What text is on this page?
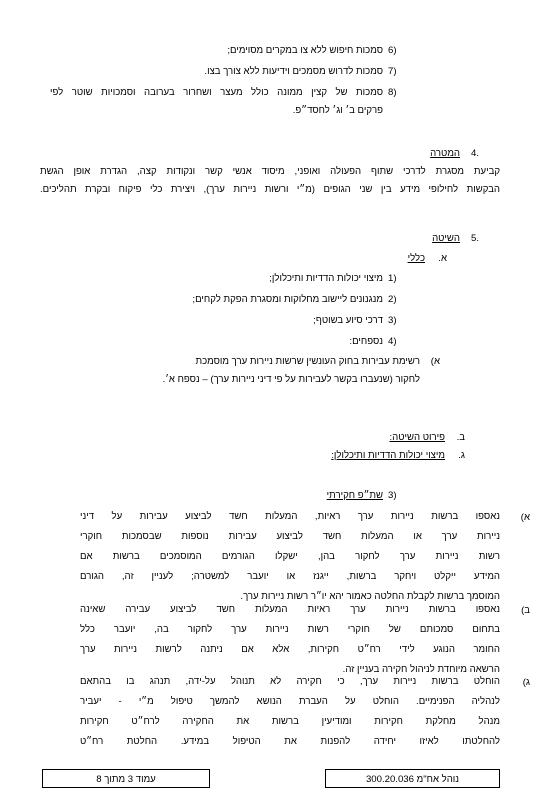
6)
סמכות חיפוש ללא צו במקרים מסוימים;
7)
סמכות לדרוש מסמכים וידיעות ללא צורך בצו.
8)
סמכות של קצין ממונה כולל מעצר ושחרור בערובה וסמכויות שוטר לפי
פרקים ב׳ וג׳ לחסד״פ.
4.
המטרה
קביעת מסגרת לדרכי שתוף הפעולה ואופני, מיסוד אנשי קשר ונקודות קצה, הגדרת אופן הגשת
הבקשות לחילופי מידע בין שני הגופים (מ״י ורשות ניירות ערך), ויצירת כלי פיקוח ובקרת תהליכים.
5.
השיטה
א.
כללי
1)
מיצוי יכולות הדדיות ותיכלולן;
2)
מנגנונים ליישוב מחלוקות ומסגרת הפקת לקחים;
3)
דרכי סיוע בשוטף;
4)
נספחים:
א)
רשימת עבירות בחוק העונשין שרשות ניירות ערך מוסמכת
לחקור (שנעברו בקשר לעבירות על פי דיני ניירות ערך) – נספח א׳.
ב.
פירוט השיטה:
ג.
מיצוי יכולות הדדיות ותיכלולן:
3)
שת״פ חקירתי
א)
נאספו ברשות ניירות ערך ראיות, המעלות חשד לביצוע עבירות על דיני
ניירות ערך או המעלות חשד לביצוע עבירות נוספות שבסמכות חוקרי
רשות ניירות ערך לחקור בהן, ישקלו הגורמים המוסמכים ברשות אם
המידע ייקלט ויחקר ברשות, ייגנז או יועבר למשטרה; לעניין זה, הגורם
המוסמך ברשות לקבלת החלטה כאמור יהא יו״ר רשות ניירות ערך.
ב)
נאספו ברשות ניירות ערך ראיות המעלות חשד לביצוע עבירה שאינה
בתחום סמכותם של חוקרי רשות ניירות ערך לחקור בה, יועבר כלל
החומר הנוגע לידי רח״ט חקירות, אלא אם ניתנה לרשות ניירות ערך
הרשאה מיוחדת לניהול חקירה בעניין זה.
ג)
הוחלט ברשות ניירות ערך, כי חקירה לא תנוהל על-ידה, תנהג בו בהתאם
לנהליה הפנימיים. הוחלט על העברת הנושא להמשך טיפול מ״י - יעביר
מנהל מחלקת חקירות ומודיעין ברשות את החקירה לרח״ט חקירות
להחלטתו לאיזו יחידה להפנות את הטיפול במידע. החלטת רח״ט
עמוד 3 מתוך 8	נוהל אח"מ 300.20.036
